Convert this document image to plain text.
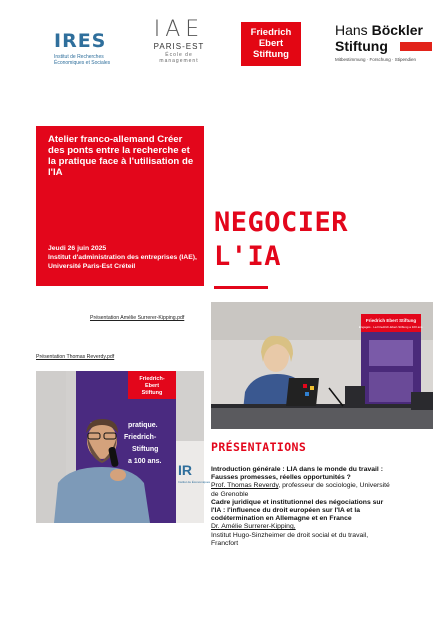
IRES
Institut de Recherches
Économiques et Sociales
IAE
PARIS-EST
École de
management
Friedrich
Ebert
Stiftung
Hans Böckler
Stiftung
Mitbestimmung · Forschung · Stipendien
Atelier franco-allemand Créer des ponts entre la recherche et la pratique face à l'utilisation de l'IA
Jeudi 26 juin 2025
Institut d'administration des entreprises (IAE), Université Paris-Est Créteil
NEGOCIER
L'IA
Présentation Amélie Surrerer-Kipping.pdf
Présentation Thomas Reverdy.pdf
Friedrich Ebert Stiftung
Engagés · La Friedrich-Ebert-Stiftung a 100 ans.
Friedrich-
Ebert
Stiftung
pratique.
Friedrich-
Stiftung
a 100 ans.
IR
Institut de Économiques
PRÉSENTATIONS
Introduction générale : LIA dans le monde du travail : Fausses promesses, réelles opportunités ?
Prof. Thomas Reverdy, professeur de sociologie, Université de Grenoble
Cadre juridique et institutionnel des négociations sur l'IA : l'influence du droit européen sur l'IA et la codétermination en Allemagne et en France
Dr. Amélie Surrerer-Kipping,
Institut Hugo-Sinzheimer de droit social et du travail, Francfort
